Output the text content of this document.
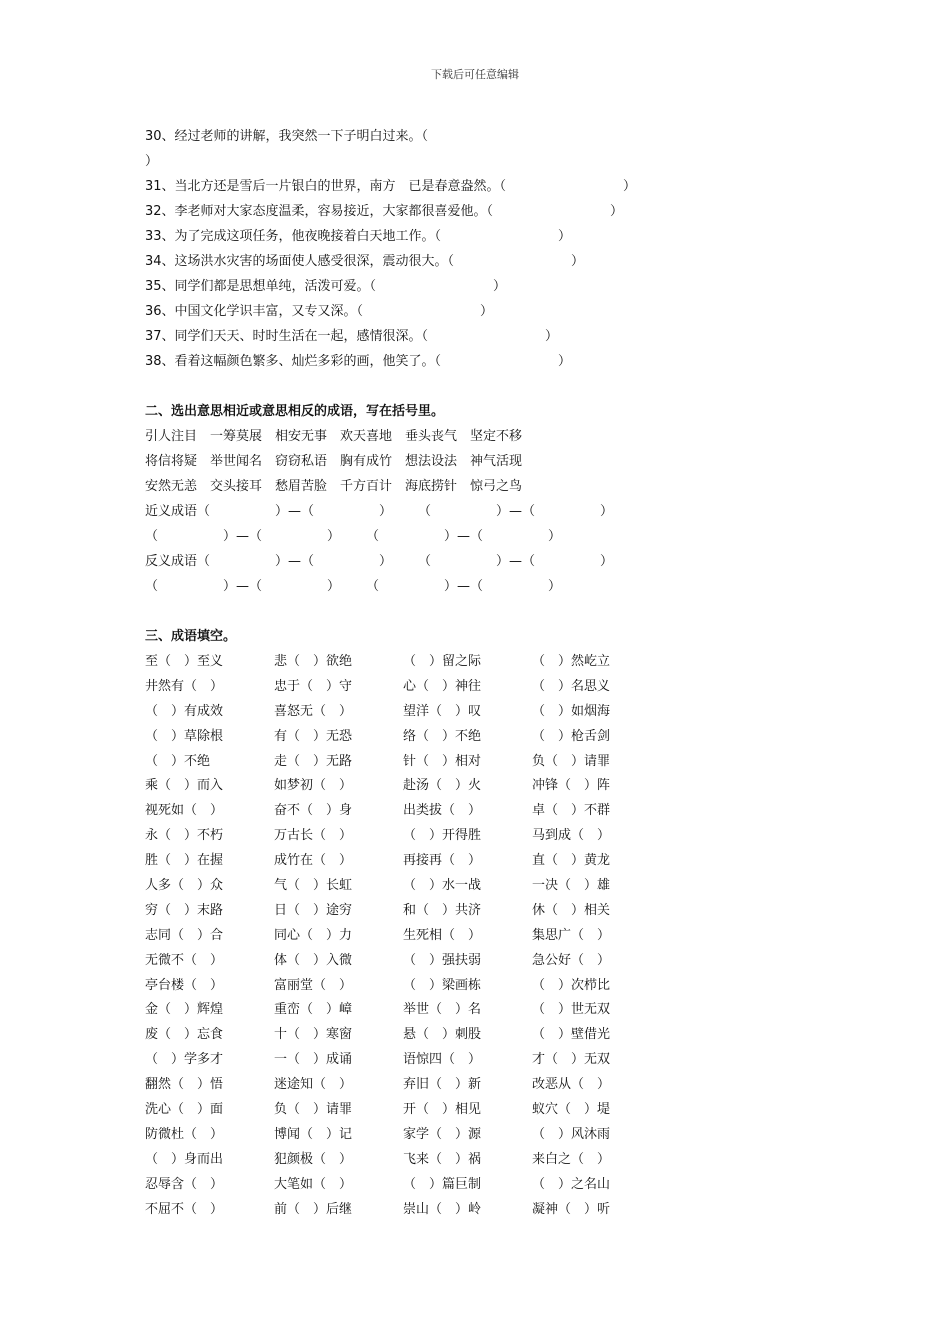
下载后可任意编辑
30、经过老师的讲解，我突然一下子明白过来。（
）
31、当北方还是雪后一片银白的世界，南方　已是春意盎然。（　　　　　　　　　）
32、李老师对大家态度温柔，容易接近，大家都很喜爱他。（　　　　　　　　　）
33、为了完成这项任务，他夜晚接着白天地工作。（　　　　　　　　　）
34、这场洪水灾害的场面使人感受很深，震动很大。（　　　　　　　　　）
35、同学们都是思想单纯，活泼可爱。（　　　　　　　　　）
36、中国文化学识丰富，又专又深。（　　　　　　　　　）
37、同学们天天、时时生活在一起，感情很深。（　　　　　　　　　）
38、看着这幅颜色繁多、灿烂多彩的画，他笑了。（　　　　　　　　　）
二、选出意思相近或意思相反的成语，写在括号里。
引人注目　一筹莫展　相安无事　欢天喜地　垂头丧气　坚定不移
将信将疑　举世闻名　窃窃私语　胸有成竹　想法设法　神气活现
安然无恙　交头接耳　愁眉苦脸　千方百计　海底捞针　惊弓之鸟
近义成语（　　　　　）—（　　　　　）　　　（　　　　　）—（　　　　　）
（　　　　　）—（　　　　　）　　　（　　　　　）—（　　　　　）
反义成语（　　　　　）—（　　　　　）　　　（　　　　　）—（　　　　　）
（　　　　　）—（　　　　　）　　　（　　　　　）—（　　　　　）
三、成语填空。
至（　）至义	悲（　）欲绝	（　）留之际	（　）然屹立
井然有（　）	忠于（　）守	心（　）神往	（　）名思义
（　）有成效	喜怒无（　）	望洋（　）叹	（　）如烟海
（　）草除根	有（　）无恐	络（　）不绝	（　）枪舌剑
（　）不绝	走（　）无路	针（　）相对	负（　）请罪
乘（　）而入	如梦初（　）	赴汤（　）火	冲锋（　）阵
视死如（　）	奋不（　）身	出类拔（　）	卓（　）不群
永（　）不朽	万古长（　）	（　）开得胜	马到成（　）
胜（　）在握	成竹在（　）	再接再（　）	直（　）黄龙
人多（　）众	气（　）长虹	（　）水一战	一决（　）雄
穷（　）末路	日（　）途穷	和（　）共济	休（　）相关
志同（　）合	同心（　）力	生死相（　）	集思广（　）
无微不（　）	体（　）入微	（　）强扶弱	急公好（　）
亭台楼（　）	富丽堂（　）	（　）梁画栋	（　）次栉比
金（　）辉煌	重峦（　）嶂	举世（　）名	（　）世无双
废（　）忘食	十（　）寒窗	悬（　）刺股	（　）壁借光
（　）学多才	一（　）成诵	语惊四（　）	才（　）无双
翻然（　）悟	迷途知（　）	弃旧（　）新	改恶从（　）
洗心（　）面	负（　）请罪	开（　）相见	蚁穴（　）堤
防微杜（　）	博闻（　）记	家学（　）源	（　）风沐雨
（　）身而出	犯颜极（　）	飞来（　）祸	来白之（　）
忍辱含（　）	大笔如（　）	（　）篇巨制	（　）之名山
不屈不（　）	前（　）后继	崇山（　）岭	凝神（　）听
